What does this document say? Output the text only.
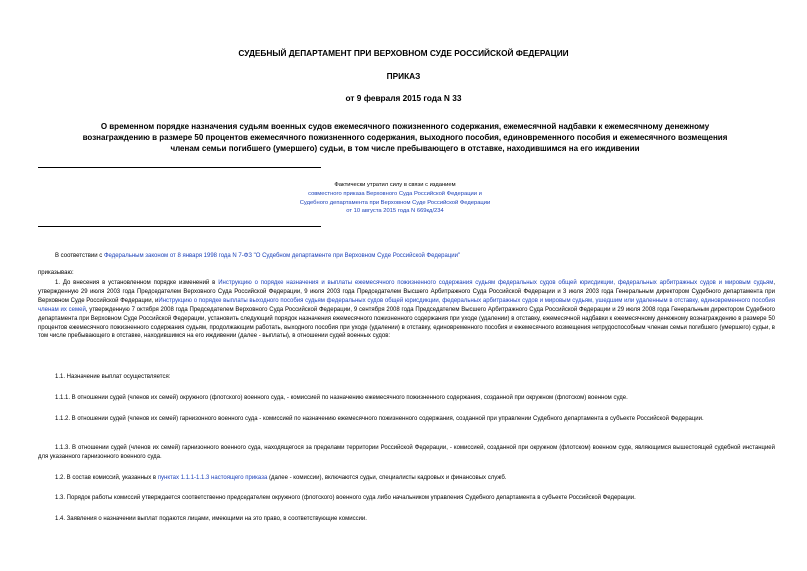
СУДЕБНЫЙ ДЕПАРТАМЕНТ ПРИ ВЕРХОВНОМ СУДЕ РОССИЙСКОЙ ФЕДЕРАЦИИ
ПРИКАЗ
от 9 февраля 2015 года N 33
О временном порядке назначения судьям военных судов ежемесячного пожизненного содержания, ежемесячной надбавки к ежемесячному денежному вознаграждению в размере 50 процентов ежемесячного пожизненного содержания, выходного пособия, единовременного пособия и ежемесячного возмещения членам семьи погибшего (умершего) судьи, в том числе пребывающего в отставке, находившимся на его иждивении
Фактически утратил силу в связи с изданием
совместного приказа Верховного Суда Российской Федерации и
Судебного департамента при Верховном Суде Российской Федерации
от 10 августа 2015 года N 669кд/234
В соответствии с Федеральным законом от 8 января 1998 года N 7-ФЗ "О Судебном департаменте при Верховном Суде Российской Федерации"
приказываю:
1. До внесения в установленном порядке изменений в Инструкцию о порядке назначения и выплаты ежемесячного пожизненного содержания судьям федеральных судов общей юрисдикции, федеральных арбитражных судов и мировым судьям, утвержденную 29 июля 2003 года Председателем Верховного Суда Российской Федерации, 9 июля 2003 года Председателем Высшего Арбитражного Суда Российской Федерации и 3 июля 2003 года Генеральным директором Судебного департамента при Верховном Суде Российской Федерации, иИнструкцию о порядке выплаты выходного пособия судьям федеральных судов общей юрисдикции, федеральных арбитражных судов и мировым судьям, ушедшим или удаленным в отставку, единовременного пособия членам их семей, утвержденную 7 октября 2008 года Председателем Верховного Суда Российской Федерации, 9 сентября 2008 года Председателем Высшего Арбитражного Суда Российской Федерации и 29 июля 2008 года Генеральным директором Судебного департамента при Верховном Суде Российской Федерации, установить следующий порядок назначения ежемесячного пожизненного содержания при уходе (удалении) в отставку, ежемесячной надбавки к ежемесячному денежному вознаграждению в размере 50 процентов ежемесячного пожизненного содержания судьям, продолжающим работать, выходного пособия при уходе (удалении) в отставку, единовременного пособия и ежемесячного возмещения нетрудоспособным членам семьи погибшего (умершего) судьи, в том числе пребывающего в отставке, находившимся на его иждивении (далее - выплаты), в отношении судей военных судов:
1.1. Назначение выплат осуществляется:
1.1.1. В отношении судей (членов их семей) окружного (флотского) военного суда, - комиссией по назначению ежемесячного пожизненного содержания, созданной при окружном (флотском) военном суде.
1.1.2. В отношении судей (членов их семей) гарнизонного военного суда - комиссией по назначению ежемесячного пожизненного содержания, созданной при управлении Судебного департамента в субъекте Российской Федерации.
1.1.3. В отношении судей (членов их семей) гарнизонного военного суда, находящегося за пределами территории Российской Федерации, - комиссией, созданной при окружном (флотском) военном суде, являющимся вышестоящей судебной инстанцией для указанного гарнизонного военного суда.
1.2. В состав комиссий, указанных в пунктах 1.1.1-1.1.3 настоящего приказа (далее - комиссии), включаются судьи, специалисты кадровых и финансовых служб.
1.3. Порядок работы комиссий утверждается соответственно председателем окружного (флотского) военного суда либо начальником управления Судебного департамента в субъекте Российской Федерации.
1.4. Заявления о назначении выплат подаются лицами, имеющими на это право, в соответствующие комиссии.
